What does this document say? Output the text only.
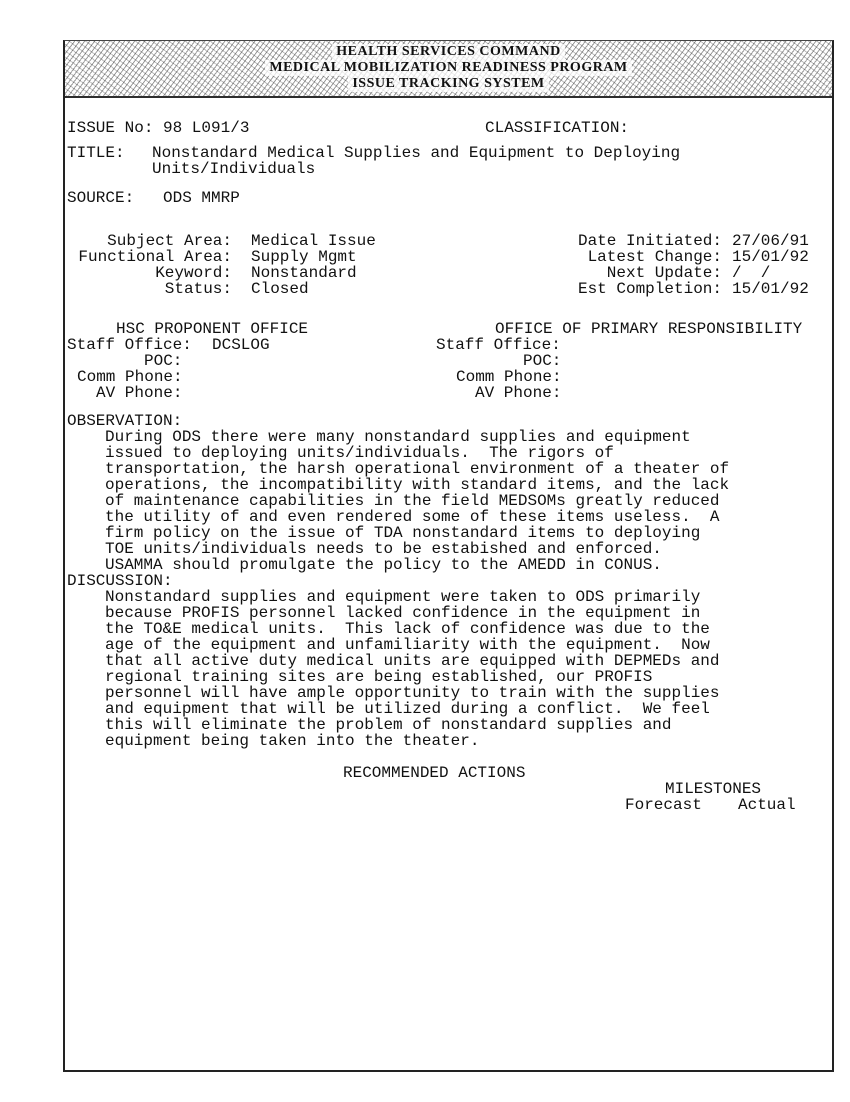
HEALTH SERVICES COMMAND
MEDICAL MOBILIZATION READINESS PROGRAM
ISSUE TRACKING SYSTEM
ISSUE No: 98 L091/3	CLASSIFICATION:
TITLE: Nonstandard Medical Supplies and Equipment to Deploying
Units/Individuals
SOURCE: ODS MMRP
Subject Area: Medical Issue
Functional Area: Supply Mgmt
Keyword: Nonstandard
Status: Closed
Date Initiated: 27/06/91
Latest Change: 15/01/92
Next Update: /  /
Est Completion: 15/01/92
HSC PROPONENT OFFICE
Staff Office: DCSLOG
POC:
Comm Phone:
AV Phone:
OFFICE OF PRIMARY RESPONSIBILITY
Staff Office:
POC:
Comm Phone:
AV Phone:
OBSERVATION:
During ODS there were many nonstandard supplies and equipment
issued to deploying units/individuals.  The rigors of
transportation, the harsh operational environment of a theater of
operations, the incompatibility with standard items, and the lack
of maintenance capabilities in the field MEDSOMs greatly reduced
the utility of and even rendered some of these items useless.  A
firm policy on the issue of TDA nonstandard items to deploying
TOE units/individuals needs to be estabished and enforced.
USAMMA should promulgate the policy to the AMEDD in CONUS.
DISCUSSION:
Nonstandard supplies and equipment were taken to ODS primarily
because PROFIS personnel lacked confidence in the equipment in
the TO&E medical units.  This lack of confidence was due to the
age of the equipment and unfamiliarity with the equipment.  Now
that all active duty medical units are equipped with DEPMEDs and
regional training sites are being established, our PROFIS
personnel will have ample opportunity to train with the supplies
and equipment that will be utilized during a conflict.  We feel
this will eliminate the problem of nonstandard supplies and
equipment being taken into the theater.
RECOMMENDED ACTIONS
MILESTONES
Forecast Actual
